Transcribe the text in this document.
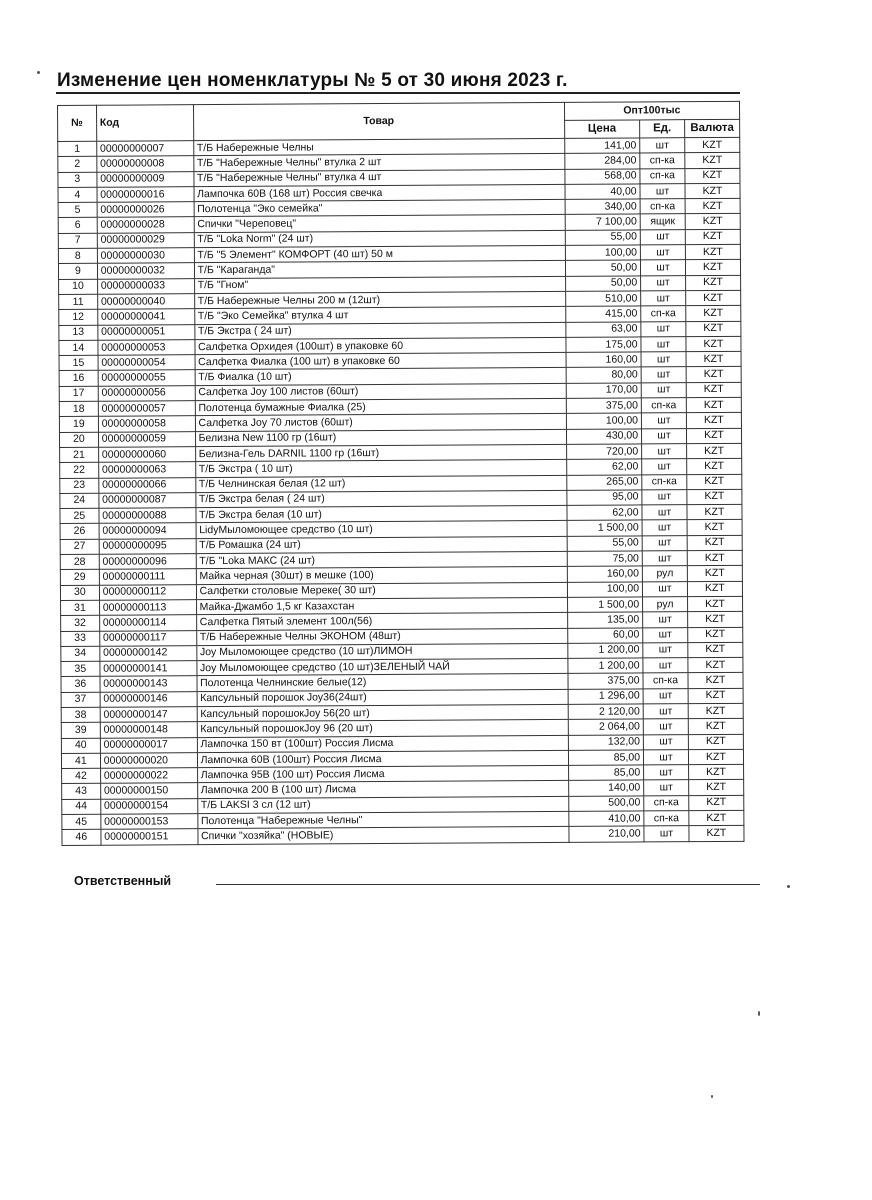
Изменение цен номенклатуры № 5 от 30 июня 2023 г.
№	Код	Товар	Опт100тыс		
			Цена	Ед.	Валюта
1	00000000007	Т/Б Набережные Челны	141,00	шт	KZT
2	00000000008	Т/Б "Набережные Челны" втулка 2 шт	284,00	сп-ка	KZT
3	00000000009	Т/Б "Набережные Челны" втулка 4 шт	568,00	сп-ка	KZT
4	00000000016	Лампочка 60В (168 шт) Россия свечка	40,00	шт	KZT
5	00000000026	Полотенца "Эко семейка"	340,00	сп-ка	KZT
6	00000000028	Спички "Череповец"	7 100,00	ящик	KZT
7	00000000029	Т/Б "Loka Norm" (24 шт)	55,00	шт	KZT
8	00000000030	Т/Б "5 Элемент" КОМФОРТ (40 шт) 50 м	100,00	шт	KZT
9	00000000032	Т/Б "Караганда"	50,00	шт	KZT
10	00000000033	Т/Б "Гном"	50,00	шт	KZT
11	00000000040	Т/Б Набережные Челны 200 м (12шт)	510,00	шт	KZT
12	00000000041	Т/Б "Эко Семейка" втулка 4 шт	415,00	сп-ка	KZT
13	00000000051	Т/Б Экстра ( 24 шт)	63,00	шт	KZT
14	00000000053	Салфетка Орхидея (100шт) в упаковке 60	175,00	шт	KZT
15	00000000054	Салфетка Фиалка (100 шт) в упаковке 60	160,00	шт	KZT
16	00000000055	Т/Б Фиалка (10 шт)	80,00	шт	KZT
17	00000000056	Салфетка Joy 100 листов (60шт)	170,00	шт	KZT
18	00000000057	Полотенца бумажные Фиалка (25)	375,00	сп-ка	KZT
19	00000000058	Салфетка Joy 70 листов (60шт)	100,00	шт	KZT
20	00000000059	Белизна New 1100 гр (16шт)	430,00	шт	KZT
21	00000000060	Белизна-Гель DARNIL 1100 гр (16шт)	720,00	шт	KZT
22	00000000063	Т/Б Экстра ( 10 шт)	62,00	шт	KZT
23	00000000066	Т/Б Челнинская белая (12 шт)	265,00	сп-ка	KZT
24	00000000087	Т/Б Экстра белая ( 24 шт)	95,00	шт	KZT
25	00000000088	Т/Б Экстра белая (10 шт)	62,00	шт	KZT
26	00000000094	LidyМыломоющее средство (10 шт)	1 500,00	шт	KZT
27	00000000095	Т/Б Ромашка (24 шт)	55,00	шт	KZT
28	00000000096	Т/Б "Loka МАКС (24 шт)	75,00	шт	KZT
29	00000000111	Майка черная (30шт) в мешке (100)	160,00	рул	KZT
30	00000000112	Салфетки столовые Мереке( 30 шт)	100,00	шт	KZT
31	00000000113	Майка-Джамбо 1,5 кг Казахстан	1 500,00	рул	KZT
32	00000000114	Салфетка Пятый элемент 100л(56)	135,00	шт	KZT
33	00000000117	Т/Б Набережные Челны ЭКОНОМ (48шт)	60,00	шт	KZT
34	00000000142	Joy Мыломоющее средство (10 шт)ЛИМОН	1 200,00	шт	KZT
35	00000000141	Joy Мыломоющее средство (10 шт)ЗЕЛЕНЫЙ ЧАЙ	1 200,00	шт	KZT
36	00000000143	Полотенца Челнинские белые(12)	375,00	сп-ка	KZT
37	00000000146	Капсульный порошок Joy36(24шт)	1 296,00	шт	KZT
38	00000000147	Капсульный порошокJoy 56(20 шт)	2 120,00	шт	KZT
39	00000000148	Капсульный порошокJoy 96 (20 шт)	2 064,00	шт	KZT
40	00000000017	Лампочка 150 вт (100шт) Россия Лисма	132,00	шт	KZT
41	00000000020	Лампочка 60В (100шт) Россия Лисма	85,00	шт	KZT
42	00000000022	Лампочка 95В (100 шт) Россия Лисма	85,00	шт	KZT
43	00000000150	Лампочка 200 В (100 шт) Лисма	140,00	шт	KZT
44	00000000154	Т/Б LAKSI 3 сл (12 шт)	500,00	сп-ка	KZT
45	00000000153	Полотенца "Набережные Челны"	410,00	сп-ка	KZT
46	00000000151	Спички "хозяйка" (НОВЫЕ)	210,00	шт	KZT
Ответственный
